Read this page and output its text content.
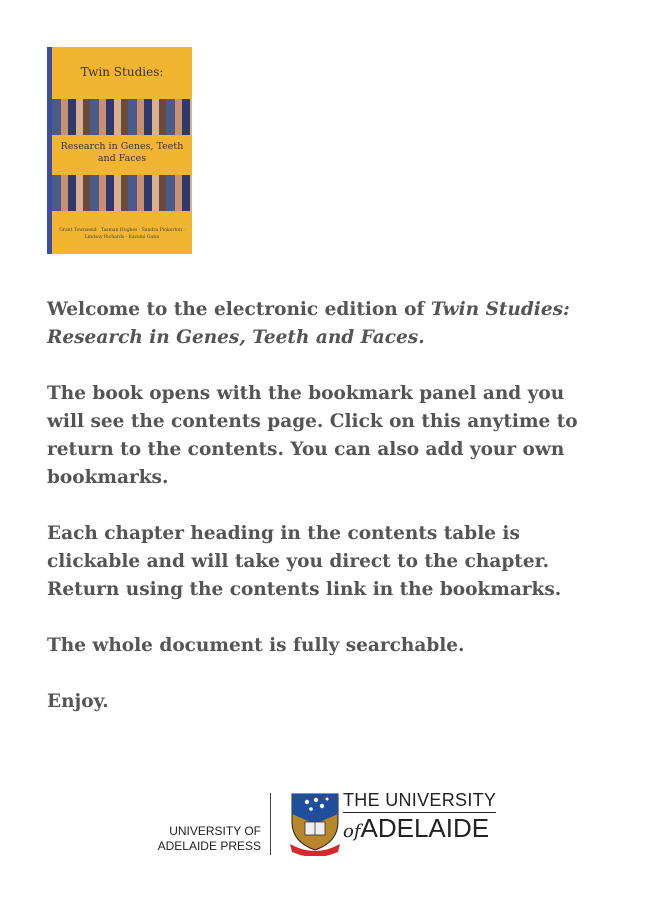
Twin Studies:
Research in Genes, Teeth and Faces
Grant Townsend · Tasman Hughes · Sandra Pinkerton · Lindsay Richards · Kazumi Gunn

Welcome to the electronic edition of Twin Studies: Research in Genes, Teeth and Faces.

The book opens with the bookmark panel and you will see the contents page. Click on this anytime to return to the contents. You can also add your own bookmarks.

Each chapter heading in the contents table is clickable and will take you direct to the chapter. Return using the contents link in the bookmarks.

The whole document is fully searchable.

Enjoy.

UNIVERSITY OF
ADELAIDE PRESS
THE UNIVERSITY
ofADELAIDE
